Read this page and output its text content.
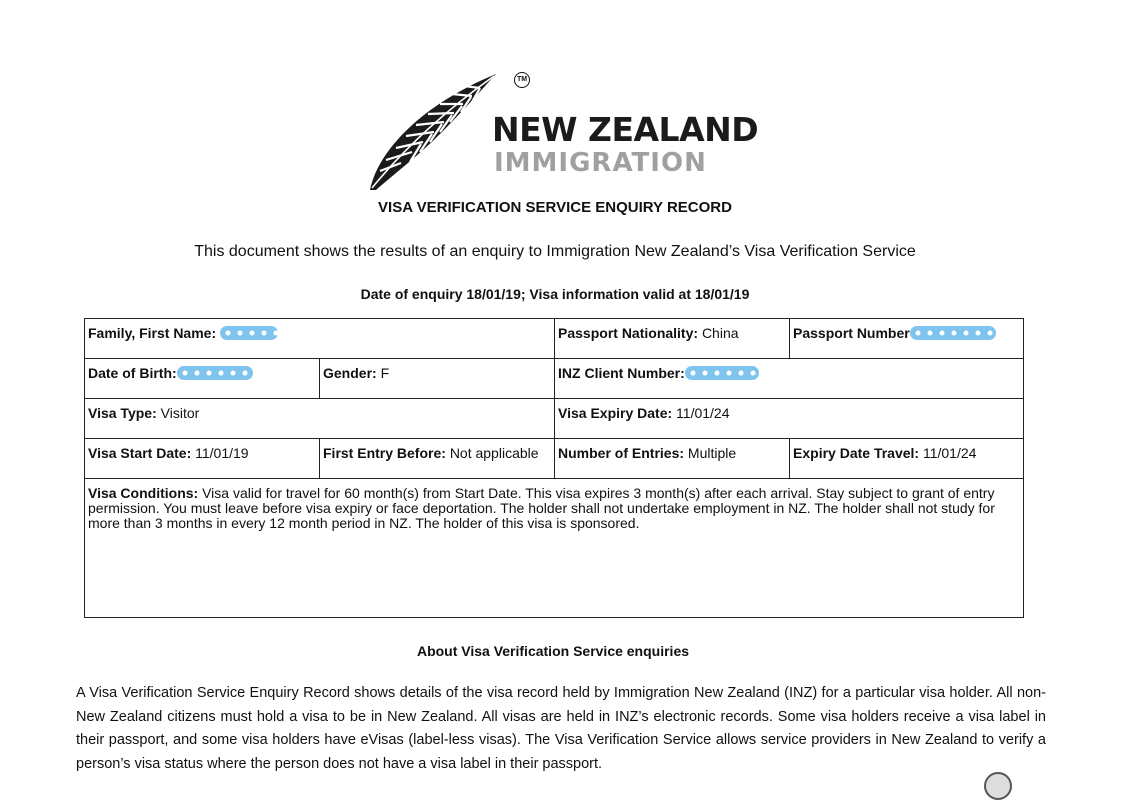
TM
NEW ZEALAND
IMMIGRATION
VISA VERIFICATION SERVICE ENQUIRY RECORD
This document shows the results of an enquiry to Immigration New Zealand’s Visa Verification Service
Date of enquiry 18/01/19; Visa information valid at 18/01/19
Family, First Name:		Passport Nationality: China	Passport Number
Date of Birth:	Gender: F	INZ Client Number:	
Visa Type: Visitor		Visa Expiry Date: 11/01/24	
Visa Start Date: 11/01/19	First Entry Before: Not applicable	Number of Entries: Multiple	Expiry Date Travel: 11/01/24
Visa Conditions: Visa valid for travel for 60 month(s) from Start Date. This visa expires 3 month(s) after each arrival. Stay subject to grant of entry permission. You must leave before visa expiry or face deportation. The holder shall not undertake employment in NZ. The holder shall not study for more than 3 months in every 12 month period in NZ. The holder of this visa is sponsored.			
About Visa Verification Service enquiries
A Visa Verification Service Enquiry Record shows details of the visa record held by Immigration New Zealand (INZ) for a particular visa holder. All non-New Zealand citizens must hold a visa to be in New Zealand. All visas are held in INZ’s electronic records. Some visa holders receive a visa label in their passport, and some visa holders have eVisas (label-less visas). The Visa Verification Service allows service providers in New Zealand to verify a person’s visa status where the person does not have a visa label in their passport.
